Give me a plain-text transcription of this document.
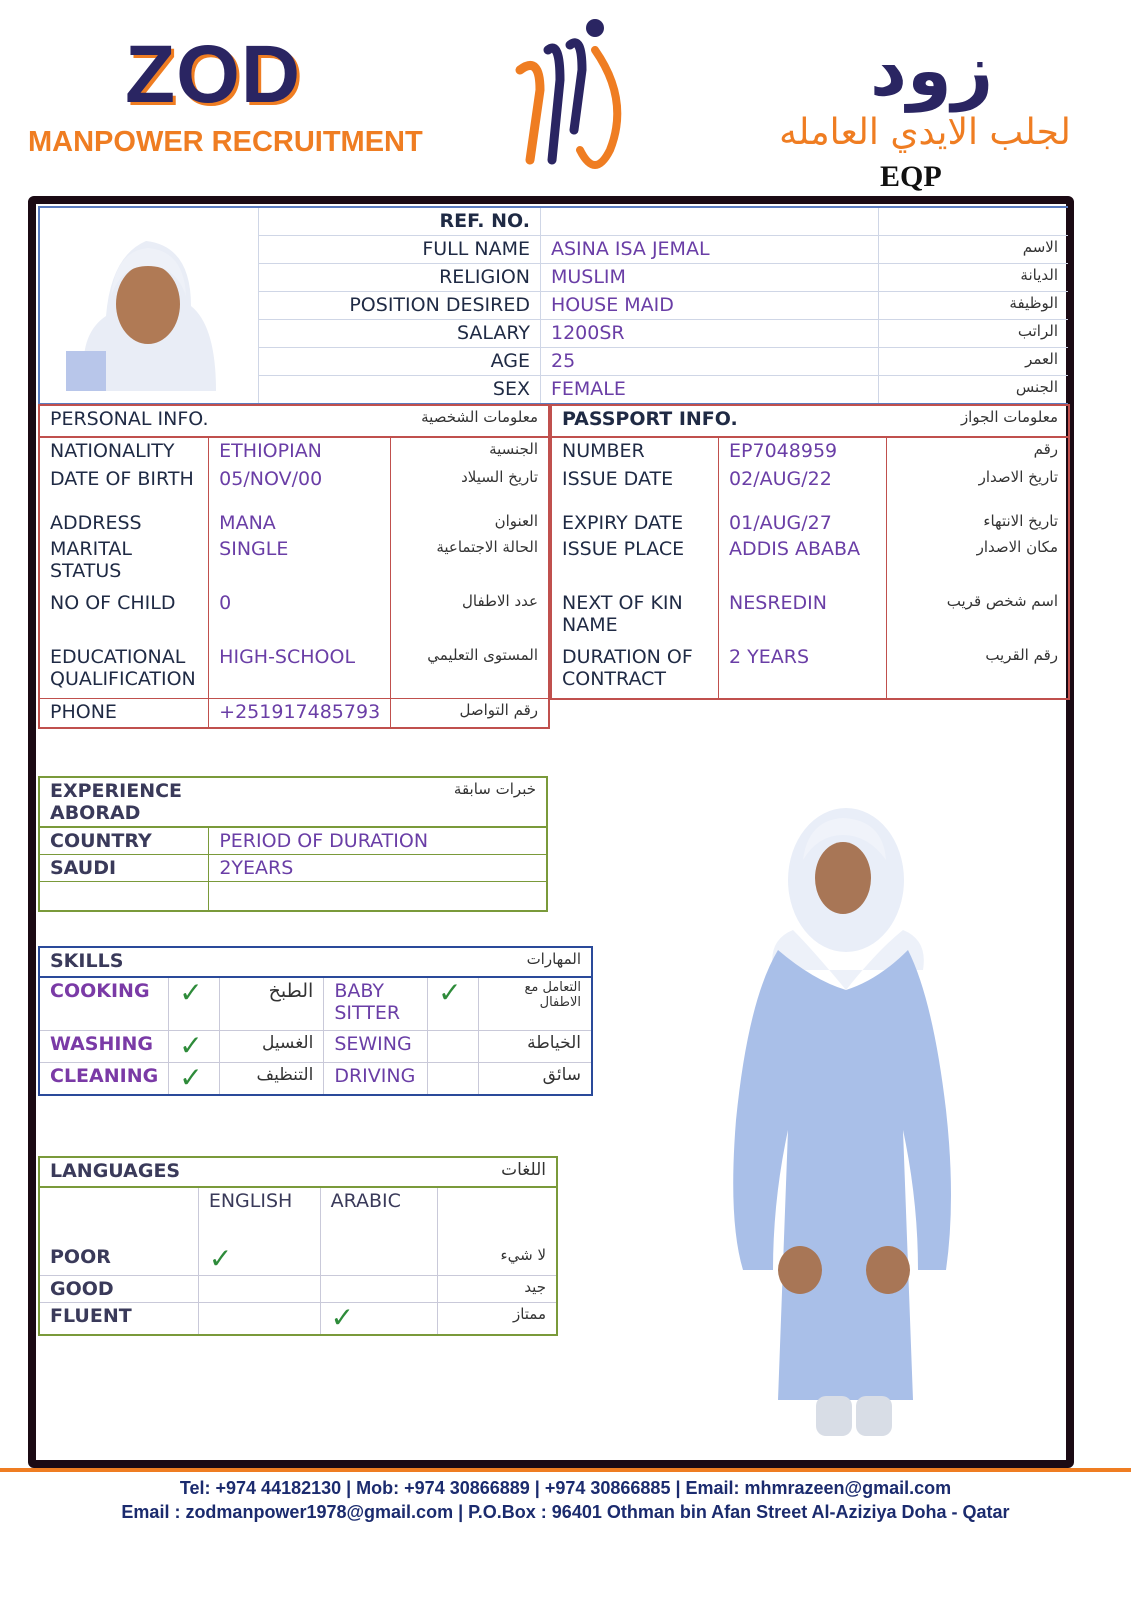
ZOD
MANPOWER RECRUITMENT
زود
لجلب الايدي العامله
EQP
	REF. NO.		
	FULL NAME	ASINA ISA JEMAL	الاسم
	RELIGION	MUSLIM	الديانة
	POSITION DESIRED	HOUSE MAID	الوظيفة
	SALARY	1200SR	الراتب
	AGE	25	العمر
	SEX	FEMALE	الجنس
PERSONAL INFO.		معلومات الشخصية
NATIONALITY	ETHIOPIAN	الجنسية
DATE OF BIRTH	05/NOV/00	تاريخ السيلاد
ADDRESS	MANA	العنوان
MARITAL STATUS	SINGLE	الحالة الاجتماعية
NO OF CHILD	0	عدد الاطفال
EDUCATIONAL QUALIFICATION	HIGH-SCHOOL	المستوى التعليمي
PHONE	+251917485793	رقم التواصل
PASSPORT INFO.		معلومات الجواز
NUMBER	EP7048959	رقم
ISSUE DATE	02/AUG/22	تاريخ الاصدار
EXPIRY DATE	01/AUG/27	تاريخ الانتهاء
ISSUE PLACE	ADDIS ABABA	مكان الاصدار
NEXT OF KIN NAME	NESREDIN	اسم شخص قريب
DURATION OF CONTRACT	2 YEARS	رقم القريب
EXPERIENCE ABORAD	خبرات سابقة
COUNTRY	PERIOD OF DURATION
SAUDI	2YEARS

SKILLS			المهارات		
COOKING	✓	الطبخ	BABY SITTER	✓	التعامل مع الاطفال
WASHING	✓	الغسيل	SEWING		الخياطة
CLEANING	✓	التنظيف	DRIVING		سائق
LANGUAGES		اللغات	
	ENGLISH	ARABIC	
POOR	✓		لا شيء
GOOD			جيد
FLUENT		✓	ممتاز
Tel: +974 44182130 | Mob: +974 30866889 | +974 30866885 | Email: mhmrazeen@gmail.com
Email : zodmanpower1978@gmail.com | P.O.Box : 96401 Othman bin Afan Street Al-Aziziya Doha - Qatar
